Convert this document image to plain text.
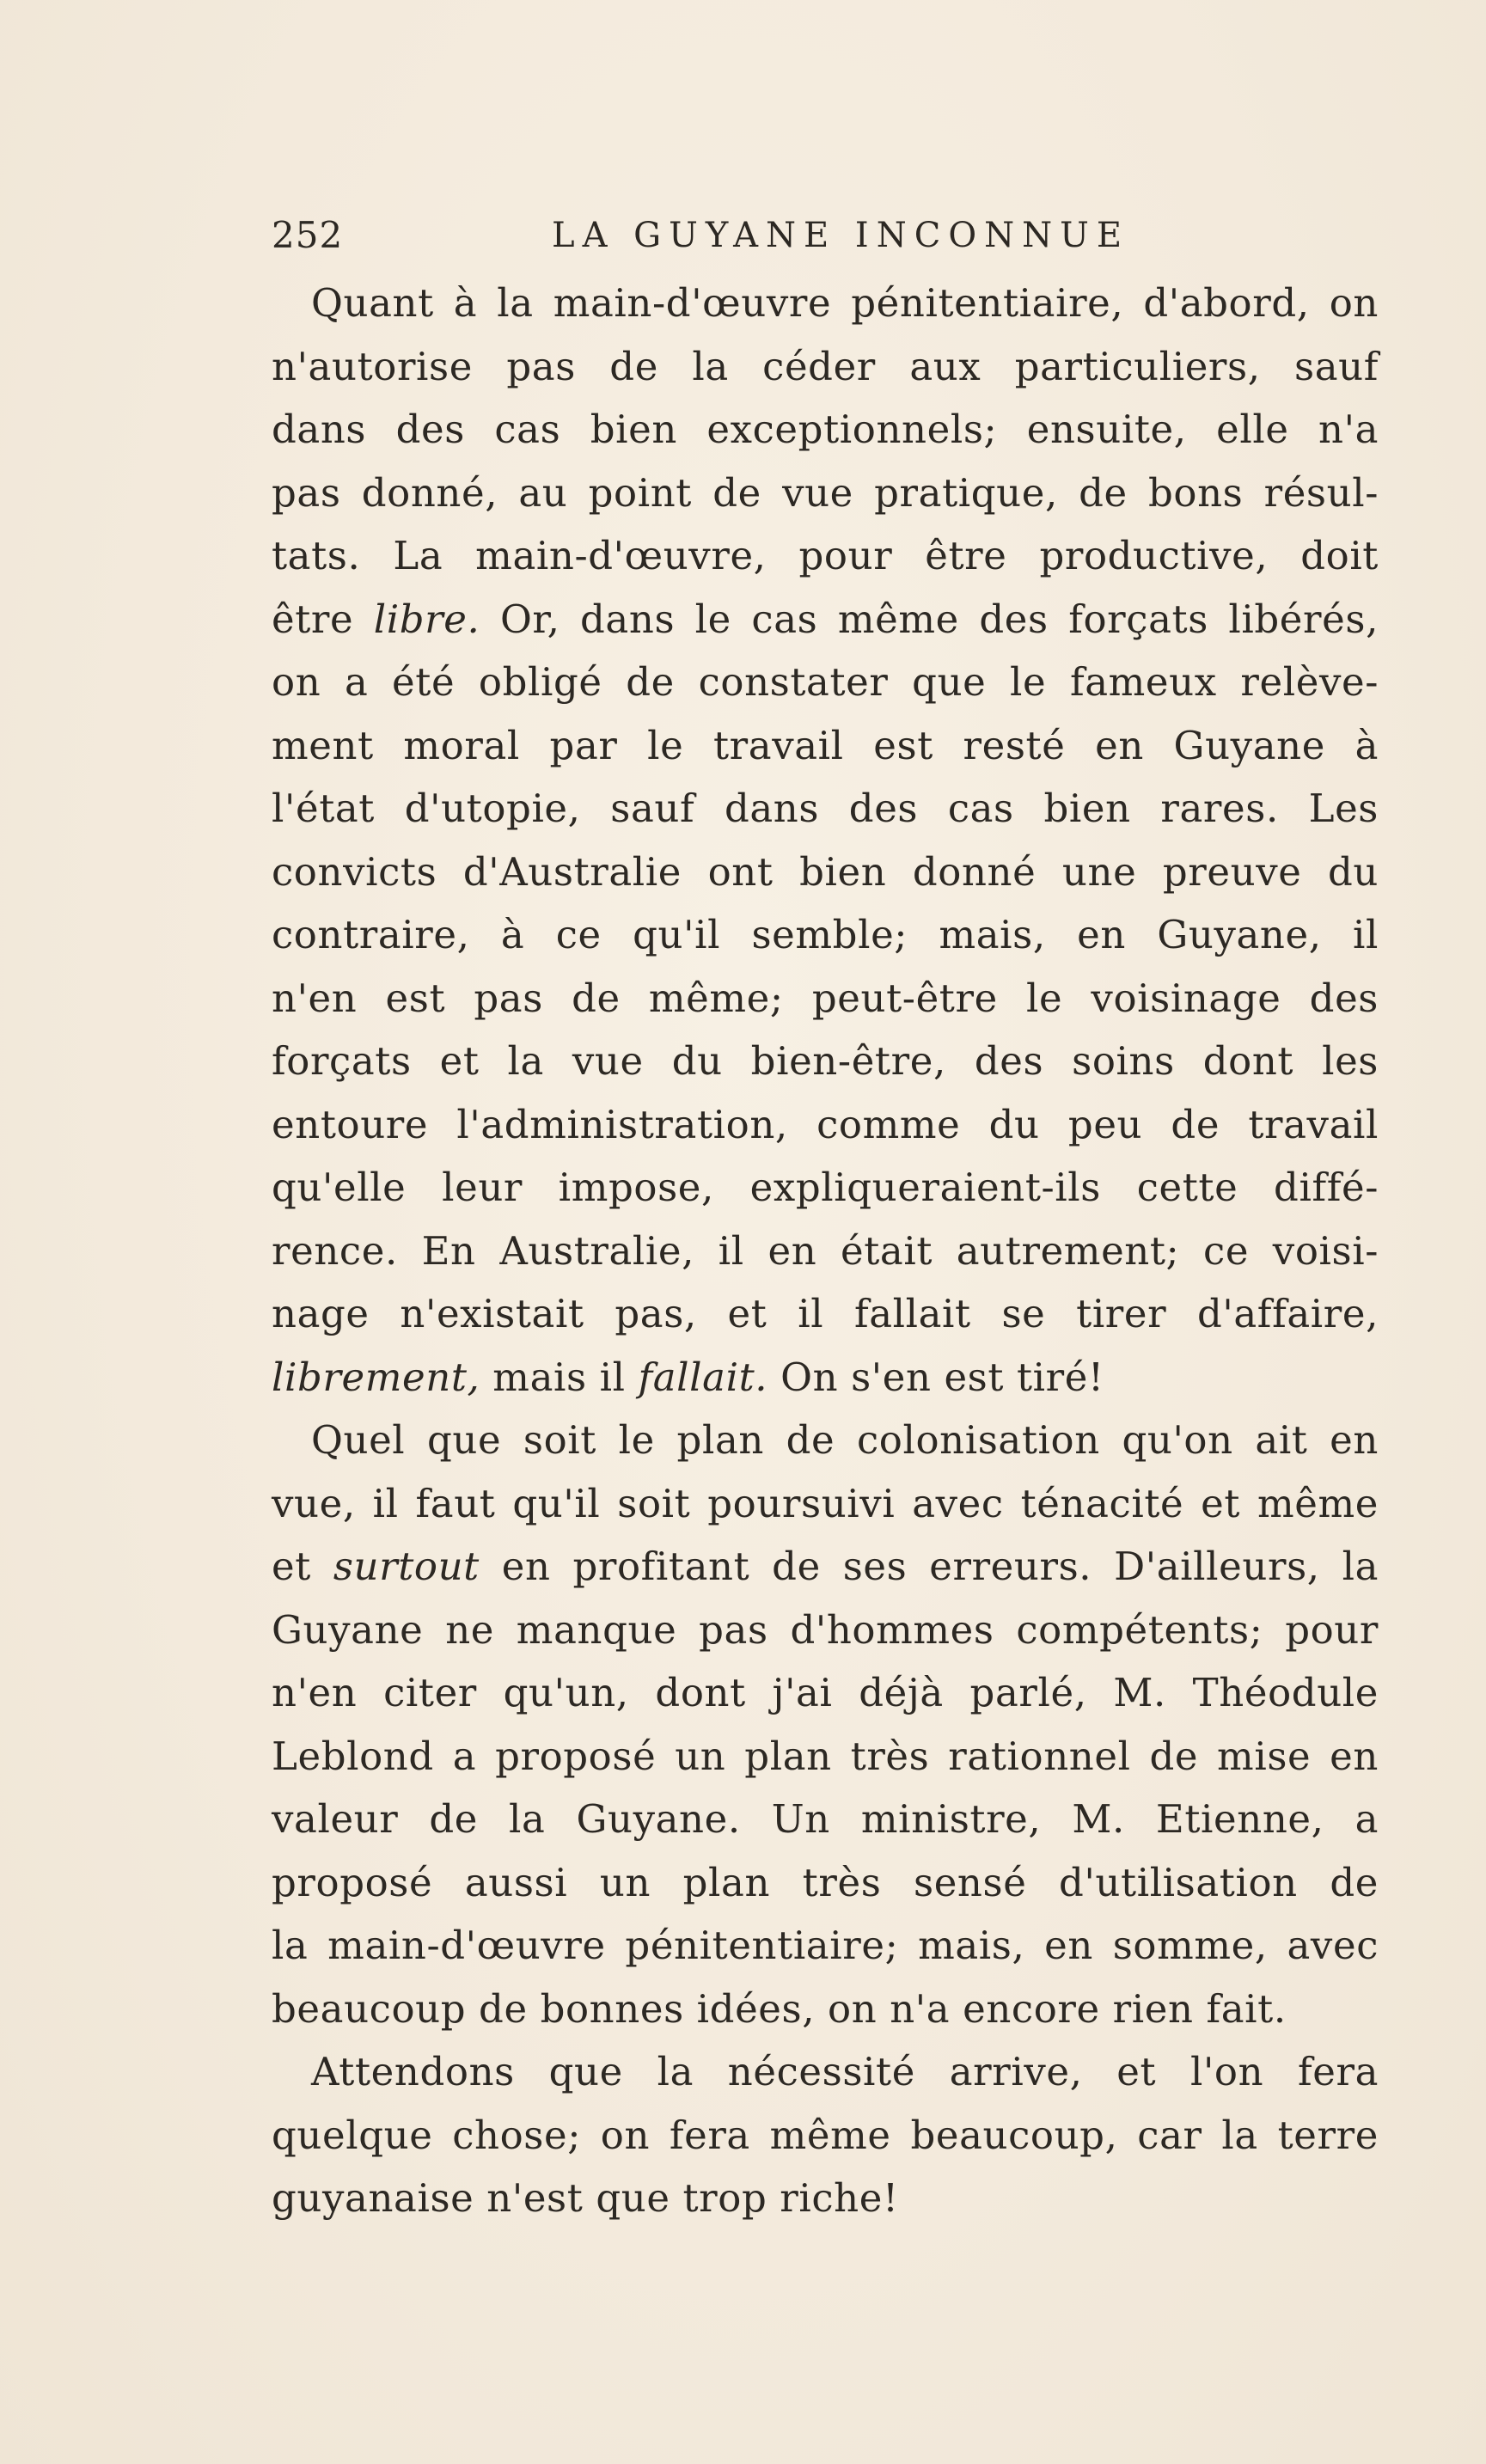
252	LA GUYANE INCONNUE
Quant à la main-d'œuvre pénitentiaire, d'abord, on
n'autorise pas de la céder aux particuliers, sauf
dans des cas bien exceptionnels; ensuite, elle n'a
pas donné, au point de vue pratique, de bons résul-
tats. La main-d'œuvre, pour être productive, doit
être libre. Or, dans le cas même des forçats libérés,
on a été obligé de constater que le fameux relève-
ment moral par le travail est resté en Guyane à
l'état d'utopie, sauf dans des cas bien rares. Les
convicts d'Australie ont bien donné une preuve du
contraire, à ce qu'il semble; mais, en Guyane, il
n'en est pas de même; peut-être le voisinage des
forçats et la vue du bien-être, des soins dont les
entoure l'administration, comme du peu de travail
qu'elle leur impose, expliqueraient-ils cette diffé-
rence. En Australie, il en était autrement; ce voisi-
nage n'existait pas, et il fallait se tirer d'affaire,
librement, mais il fallait. On s'en est tiré!
Quel que soit le plan de colonisation qu'on ait en
vue, il faut qu'il soit poursuivi avec ténacité et même
et surtout en profitant de ses erreurs. D'ailleurs, la
Guyane ne manque pas d'hommes compétents; pour
n'en citer qu'un, dont j'ai déjà parlé, M. Théodule
Leblond a proposé un plan très rationnel de mise en
valeur de la Guyane. Un ministre, M. Etienne, a
proposé aussi un plan très sensé d'utilisation de
la main-d'œuvre pénitentiaire; mais, en somme, avec
beaucoup de bonnes idées, on n'a encore rien fait.
Attendons que la nécessité arrive, et l'on fera
quelque chose; on fera même beaucoup, car la terre
guyanaise n'est que trop riche!
